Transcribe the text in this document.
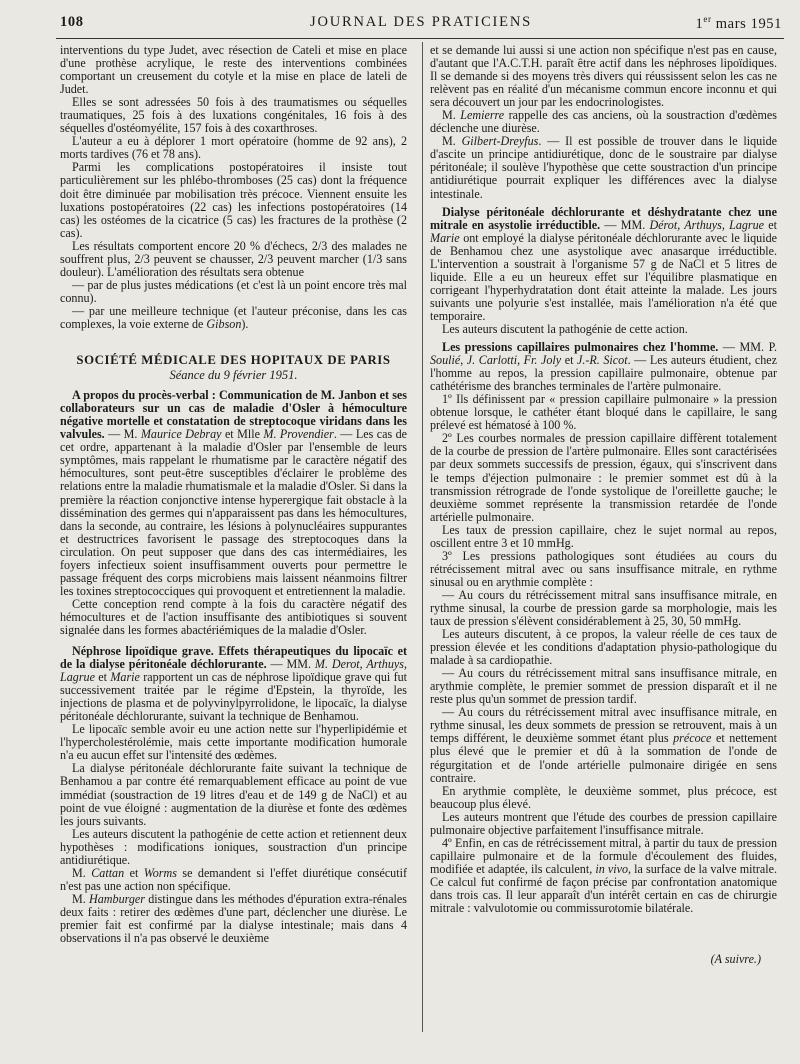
108	JOURNAL DES PRATICIENS	1er mars 1951

interventions du type Judet, avec résection de Cateli et mise en place d'une prothèse acrylique, le reste des interventions combinées comportant un creusement du cotyle et la mise en place de lateli de Judet.

Elles se sont adressées 50 fois à des traumatismes ou séquelles traumatiques, 25 fois à des luxations congénitales, 16 fois à des séquelles d'ostéomyélite, 157 fois à des coxarthroses.

L'auteur a eu à déplorer 1 mort opératoire (homme de 92 ans), 2 morts tardives (76 et 78 ans).

Parmi les complications postopératoires il insiste tout particulièrement sur les phlébo-thromboses (25 cas) dont la fréquence doit être diminuée par mobilisation très précoce. Viennent ensuite les luxations postopératoires (22 cas) les infections postopératoires (14 cas) les ostéomes de la cicatrice (5 cas) les fractures de la prothèse (2 cas).

Les résultats comportent encore 20 % d'échecs, 2/3 des malades ne souffrent plus, 2/3 peuvent se chausser, 2/3 peuvent marcher (1/3 sans douleur). L'amélioration des résultats sera obtenue

— par de plus justes médications (et c'est là un point encore très mal connu).

— par une meilleure technique (et l'auteur préconise, dans les cas complexes, la voie externe de Gibson).

SOCIÉTÉ MÉDICALE DES HOPITAUX DE PARIS
Séance du 9 février 1951.

A propos du procès-verbal : Communication de M. Janbon et ses collaborateurs sur un cas de maladie d'Osler à hémoculture négative mortelle et constatation de streptocoque viridans dans les valvules. — M. Maurice Debray et Mlle M. Provendier. — Les cas de cet ordre, appartenant à la maladie d'Osler par l'ensemble de leurs symptômes, mais rappelant le rhumatisme par le caractère négatif des hémocultures, sont peut-être susceptibles d'éclairer le problème des relations entre la maladie rhumatismale et la maladie d'Osler. Si dans la première la réaction conjonctive intense hyperergique fait obstacle à la dissémination des germes qui n'apparaissent pas dans les hémocultures, dans la seconde, au contraire, les lésions à polynucléaires suppurantes et destructrices favorisent le passage des streptocoques dans la circulation. On peut supposer que dans des cas intermédiaires, les foyers infectieux soient insuffisamment ouverts pour permettre le passage fréquent des corps microbiens mais laissent néanmoins filtrer les toxines streptococciques qui provoquent et entretiennent la maladie.

Cette conception rend compte à la fois du caractère négatif des hémocultures et de l'action insuffisante des antibiotiques si souvent signalée dans les formes abactériémiques de la maladie d'Osler.

Néphrose lipoïdique grave. Effets thérapeutiques du lipocaïc et de la dialyse péritonéale déchlorurante. — MM. M. Derot, Arthuys, Lagrue et Marie rapportent un cas de néphrose lipoïdique grave qui fut successivement traitée par le régime d'Epstein, la thyroïde, les injections de plasma et de polyvinylpyrrolidone, le lipocaïc, la dialyse péritonéale déchlorurante, suivant la technique de Benhamou.

Le lipocaïc semble avoir eu une action nette sur l'hyperlipidémie et l'hypercholestérolémie, mais cette importante modification humorale n'a eu aucun effet sur l'intensité des œdèmes.

La dialyse péritonéale déchlorurante faite suivant la technique de Benhamou a par contre été remarquablement efficace au point de vue immédiat (soustraction de 19 litres d'eau et de 149 g de NaCl) et au point de vue éloigné : augmentation de la diurèse et fonte des œdèmes les jours suivants.

Les auteurs discutent la pathogénie de cette action et retiennent deux hypothèses : modifications ioniques, soustraction d'un principe antidiurétique.

M. Cattan et Worms se demandent si l'effet diurétique consécutif n'est pas une action non spécifique.

M. Hamburger distingue dans les méthodes d'épuration extra-rénales deux faits : retirer des œdèmes d'une part, déclencher une diurèse. Le premier fait est confirmé par la dialyse intestinale; mais dans 4 observations il n'a pas observé le deuxième

et se demande lui aussi si une action non spécifique n'est pas en cause, d'autant que l'A.C.T.H. paraît être actif dans les néphroses lipoïdiques. Il se demande si des moyens très divers qui réussissent selon les cas ne relèvent pas en réalité d'un mécanisme commun encore inconnu et qui sera découvert un jour par les endocrinologistes.

M. Lemierre rappelle des cas anciens, où la soustraction d'œdèmes déclenche une diurèse.

M. Gilbert-Dreyfus. — Il est possible de trouver dans le liquide d'ascite un principe antidiurétique, donc de le soustraire par dialyse péritonéale; il soulève l'hypothèse que cette soustraction d'un principe antidiurétique pourrait expliquer les différences avec la dialyse intestinale.

Dialyse péritonéale déchlorurante et déshydratante chez une mitrale en asystolie irréductible. — MM. Dérot, Arthuys, Lagrue et Marie ont employé la dialyse péritonéale déchlorurante avec le liquide de Benhamou chez une asystolique avec anasarque irréductible. L'intervention a soustrait à l'organisme 57 g de NaCl et 5 litres de liquide. Elle a eu un heureux effet sur l'équilibre plasmatique en corrigeant l'hyperhydratation dont était atteinte la malade. Les jours suivants une polyurie s'est installée, mais l'amélioration n'a été que temporaire.

Les auteurs discutent la pathogénie de cette action.

Les pressions capillaires pulmonaires chez l'homme. — MM. P. Soulié, J. Carlotti, Fr. Joly et J.-R. Sicot. — Les auteurs étudient, chez l'homme au repos, la pression capillaire pulmonaire, obtenue par cathétérisme des branches terminales de l'artère pulmonaire.

1º Ils définissent par « pression capillaire pulmonaire » la pression obtenue lorsque, le cathéter étant bloqué dans le capillaire, le sang prélevé est hématosé à 100 %.

2º Les courbes normales de pression capillaire diffèrent totalement de la courbe de pression de l'artère pulmonaire. Elles sont caractérisées par deux sommets successifs de pression, égaux, qui s'inscrivent dans le temps d'éjection pulmonaire : le premier sommet est dû à la transmission rétrograde de l'onde systolique de l'oreillette gauche; le deuxième sommet représente la transmission retardée de l'onde artérielle pulmonaire.

Les taux de pression capillaire, chez le sujet normal au repos, oscillent entre 3 et 10 mmHg.

3º Les pressions pathologiques sont étudiées au cours du rétrécissement mitral avec ou sans insuffisance mitrale, en rythme sinusal ou en arythmie complète :

— Au cours du rétrécissement mitral sans insuffisance mitrale, en rythme sinusal, la courbe de pression garde sa morphologie, mais les taux de pression s'élèvent considérablement à 25, 30, 50 mmHg.

Les auteurs discutent, à ce propos, la valeur réelle de ces taux de pression élevée et les conditions d'adaptation physio-pathologique du malade à sa cardiopathie.

— Au cours du rétrécissement mitral sans insuffisance mitrale, en arythmie complète, le premier sommet de pression disparaît et il ne reste plus qu'un sommet de pression tardif.

— Au cours du rétrécissement mitral avec insuffisance mitrale, en rythme sinusal, les deux sommets de pression se retrouvent, mais à un temps différent, le deuxième sommet étant plus précoce et nettement plus élevé que le premier et dû à la sommation de l'onde de régurgitation et de l'onde artérielle pulmonaire dirigée en sens contraire.

En arythmie complète, le deuxième sommet, plus précoce, est beaucoup plus élevé.

Les auteurs montrent que l'étude des courbes de pression capillaire pulmonaire objective parfaitement l'insuffisance mitrale.

4º Enfin, en cas de rétrécissement mitral, à partir du taux de pression capillaire pulmonaire et de la formule d'écoulement des fluides, modifiée et adaptée, ils calculent, in vivo, la surface de la valve mitrale. Ce calcul fut confirmé de façon précise par confrontation anatomique dans trois cas. Il leur apparaît d'un intérêt certain en cas de chirurgie mitrale : valvulotomie ou commissurotomie bilatérale.

(A suivre.)
